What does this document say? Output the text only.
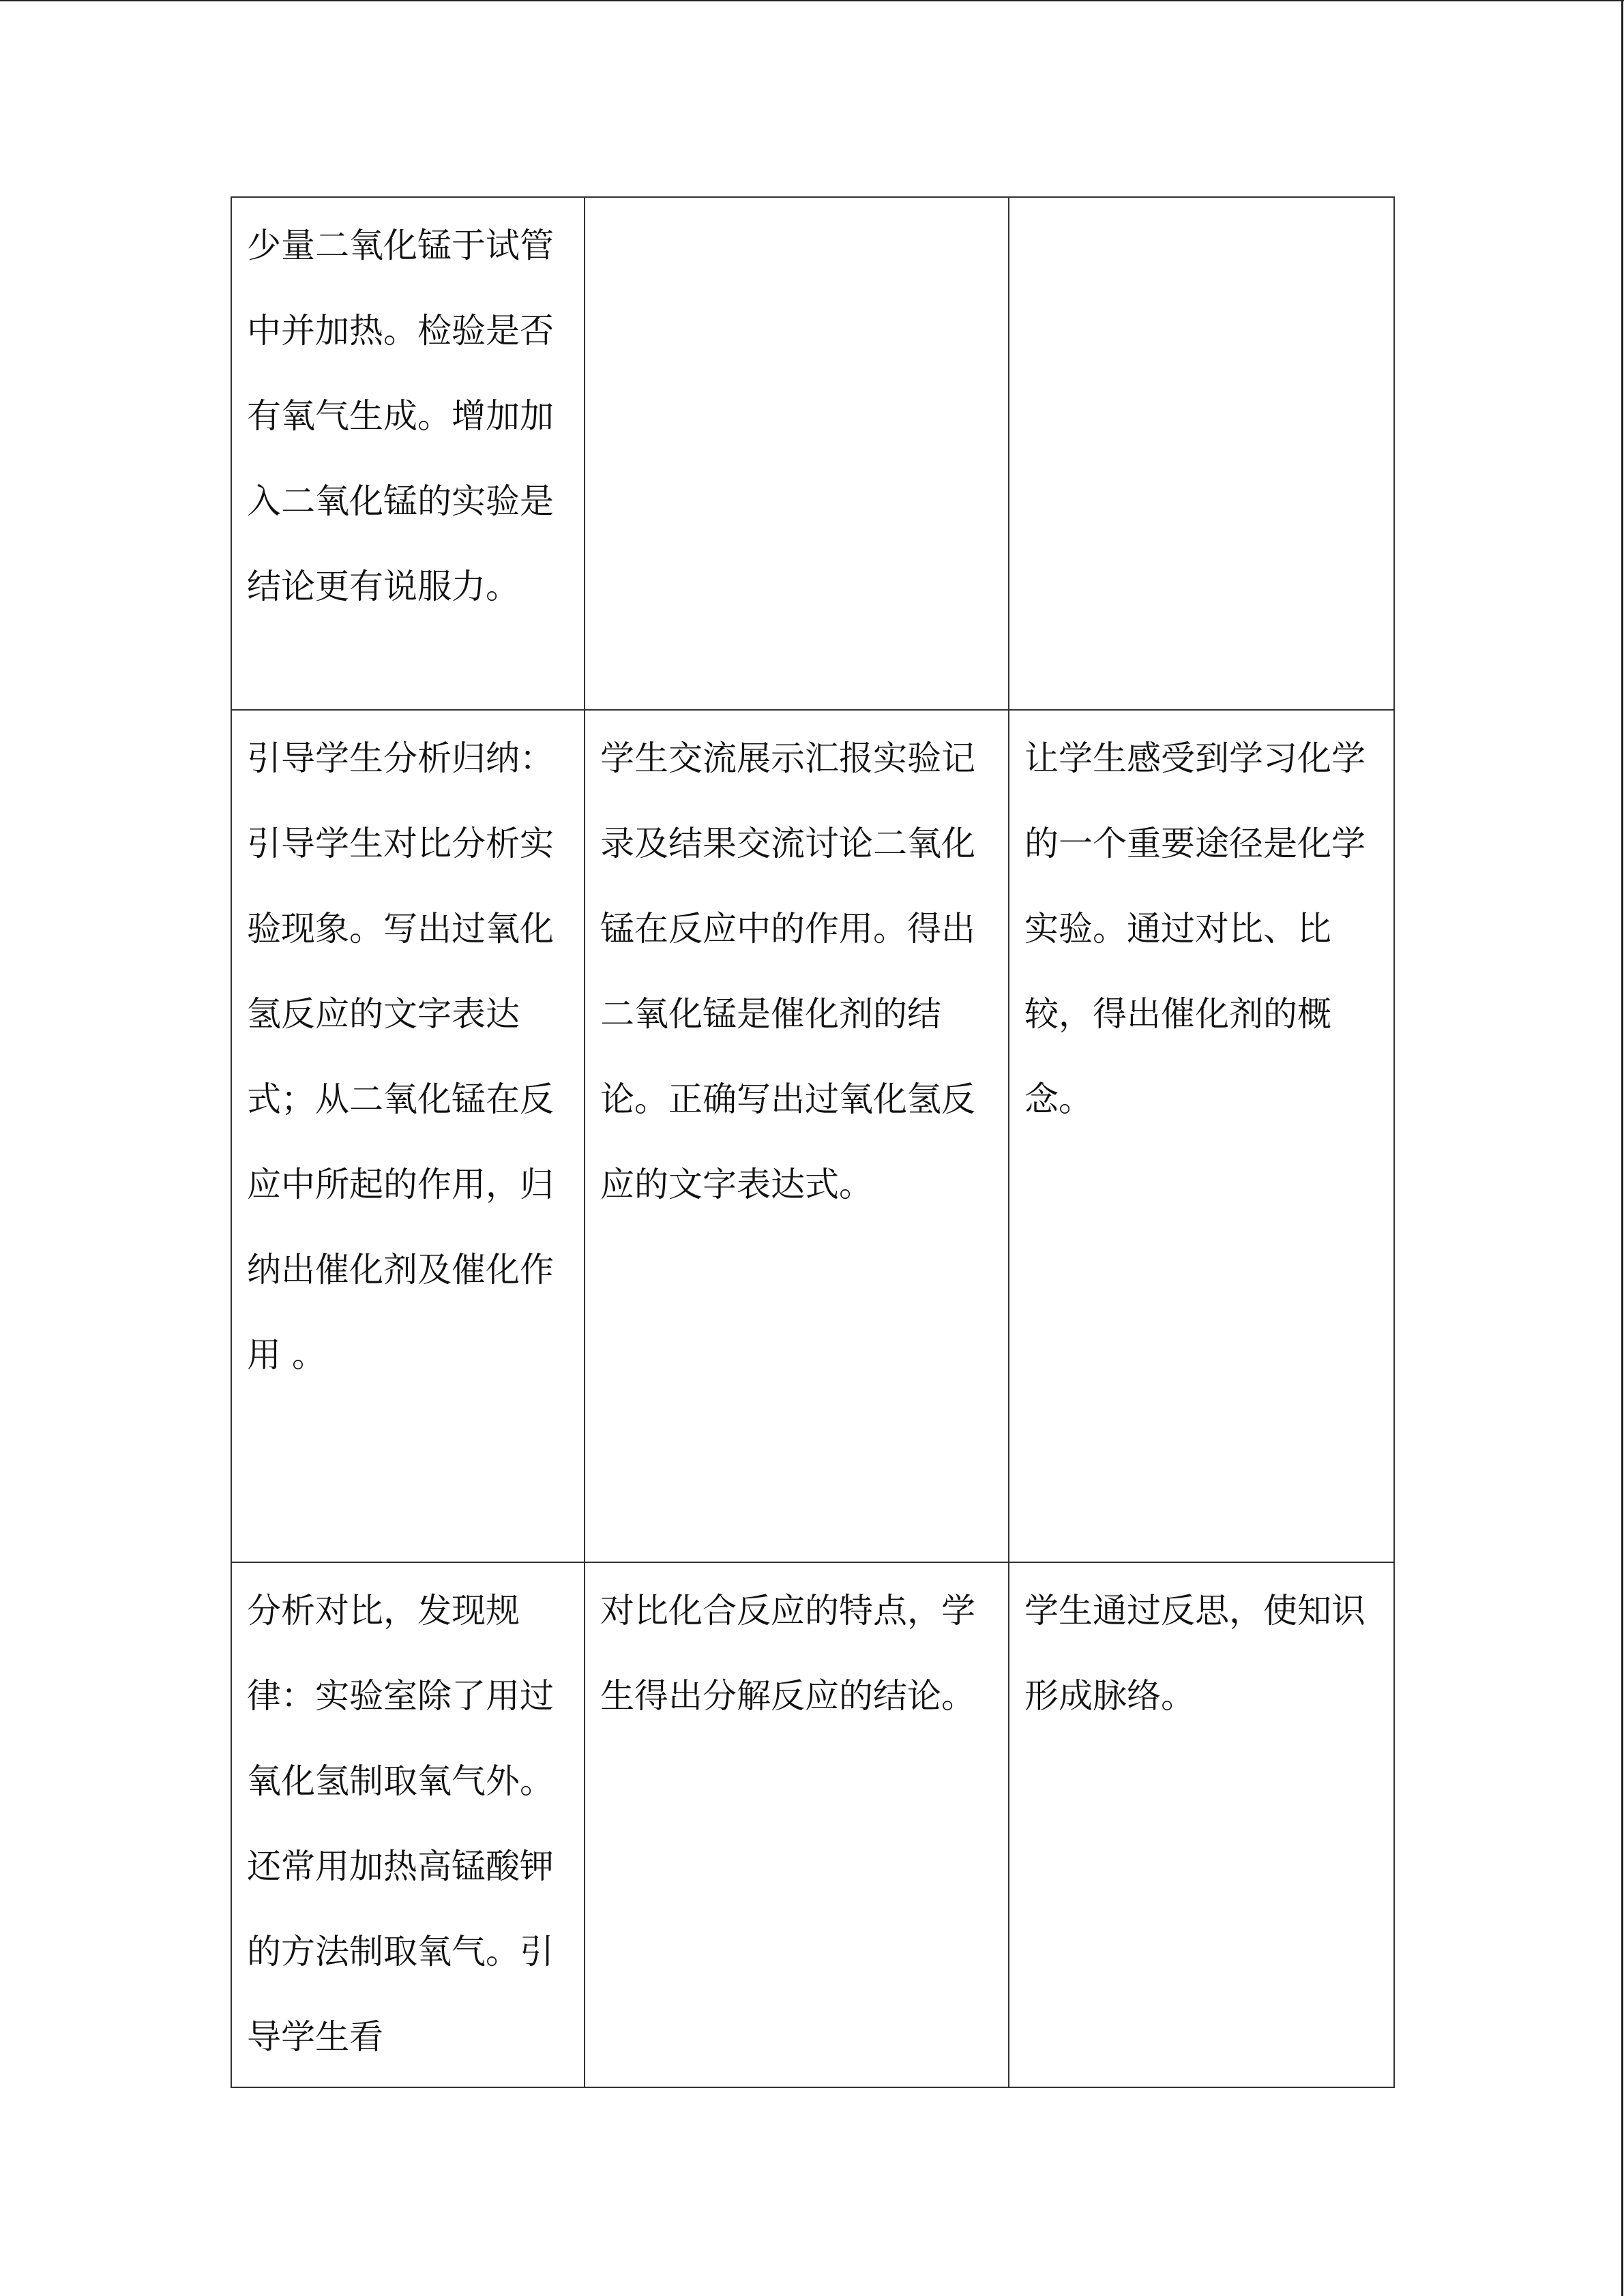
少量二氧化锰于试管中并加热。检验是否有氧气生成。增加加入二氧化锰的实验是结论更有说服力。		

引导学生分析归纳：引导学生对比分析实验现象。写出过氧化氢反应的文字表达式；从二氧化锰在反应中所起的作用，归纳出催化剂及催化作用 。	学生交流展示汇报实验记录及结果交流讨论二氧化锰在反应中的作用。得出二氧化锰是催化剂的结论。正确写出过氧化氢反应的文字表达式。	让学生感受到学习化学的一个重要途径是化学实验。通过对比、比较，得出催化剂的概念。

分析对比，发现规律：实验室除了用过氧化氢制取氧气外。还常用加热高锰酸钾的方法制取氧气。引导学生看	对比化合反应的特点，学生得出分解反应的结论。	学生通过反思，使知识形成脉络。
